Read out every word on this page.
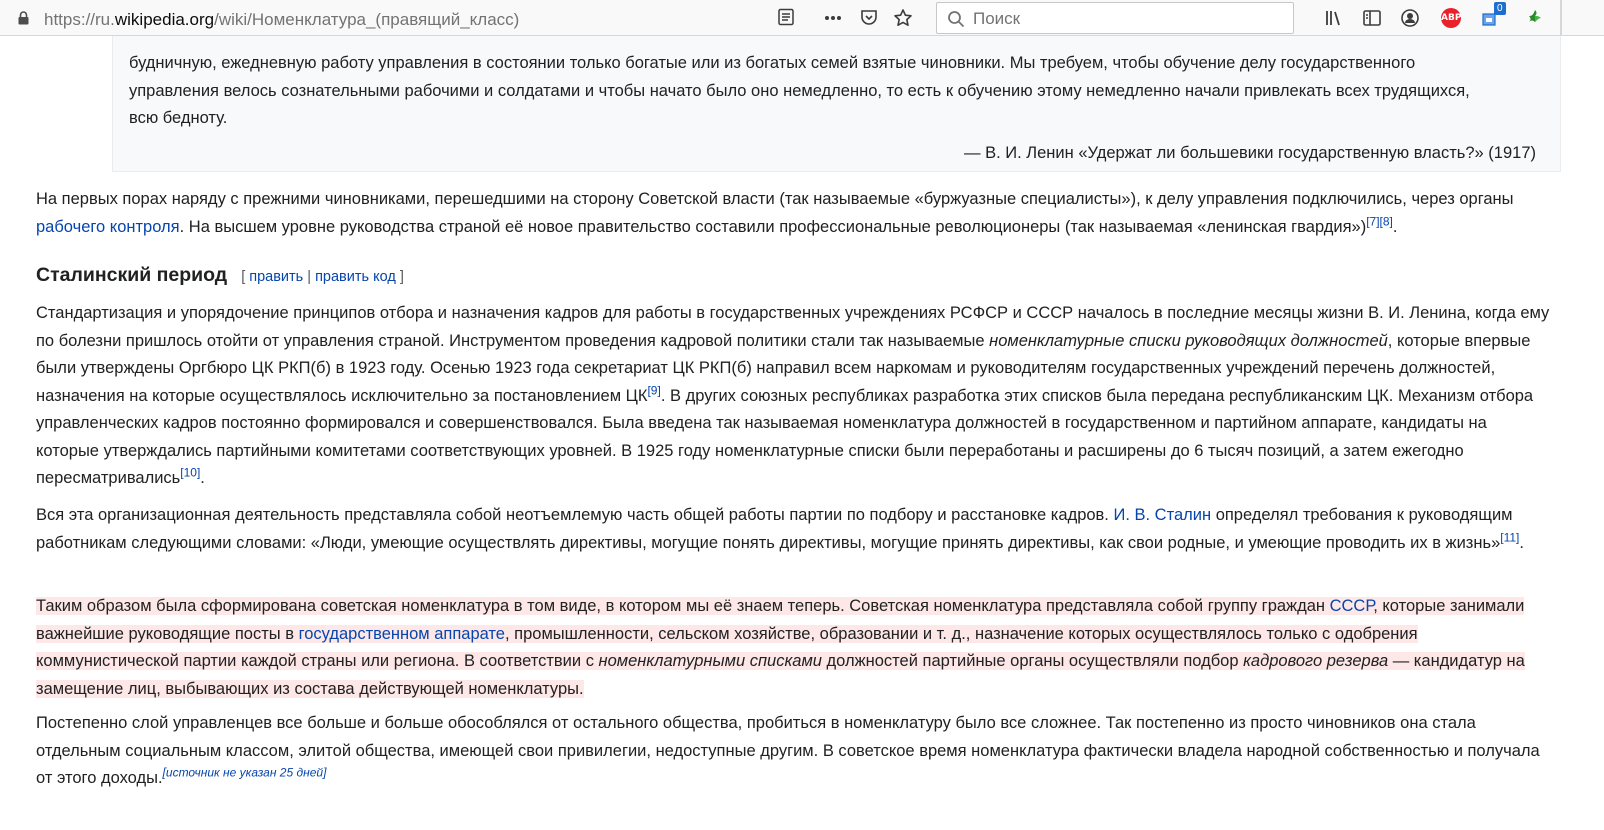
https://ru.wikipedia.org/wiki/Номенклатура_(правящий_класс)	Поиск	ABP
0
будничную, ежедневную работу управления в состоянии только богатые или из богатых семей взятые чиновники. Мы требуем, чтобы обучение делу государственного
управления велось сознательными рабочими и солдатами и чтобы начато было оно немедленно, то есть к обучению этому немедленно начали привлекать всех трудящихся,
всю бедноту.
— В. И. Ленин «Удержат ли большевики государственную власть?» (1917)
На первых порах наряду с прежними чиновниками, перешедшими на сторону Советской власти (так называемые «буржуазные специалисты»), к делу управления подключились, через органы рабочего контроля. На высшем уровне руководства страной её новое правительство составили профессиональные революционеры (так называемая «ленинская гвардия»)[7][8].
Сталинский период [ править | править код ]
Стандартизация и упорядочение принципов отбора и назначения кадров для работы в государственных учреждениях РСФСР и СССР началось в последние месяцы жизни В. И. Ленина, когда ему по болезни пришлось отойти от управления страной. Инструментом проведения кадровой политики стали так называемые номенклатурные списки руководящих должностей, которые впервые были утверждены Оргбюро ЦК РКП(б) в 1923 году. Осенью 1923 года секретариат ЦК РКП(б) направил всем наркомам и руководителям государственных учреждений перечень должностей, назначения на которые осуществлялось исключительно за постановлением ЦК[9]. В других союзных республиках разработка этих списков была передана республиканским ЦК. Механизм отбора управленческих кадров постоянно формировался и совершенствовался. Была введена так называемая номенклатура должностей в государственном и партийном аппарате, кандидаты на которые утверждались партийными комитетами соответствующих уровней. В 1925 году номенклатурные списки были переработаны и расширены до 6 тысяч позиций, а затем ежегодно пересматривались[10].
Вся эта организационная деятельность представляла собой неотъемлемую часть общей работы партии по подбору и расстановке кадров. И. В. Сталин определял требования к руководящим работникам следующими словами: «Люди, умеющие осуществлять директивы, могущие понять директивы, могущие принять директивы, как свои родные, и умеющие проводить их в жизнь»[11].
Таким образом была сформирована советская номенклатура в том виде, в котором мы её знаем теперь. Советская номенклатура представляла собой группу граждан СССР, которые занимали важнейшие руководящие посты в государственном аппарате, промышленности, сельском хозяйстве, образовании и т. д., назначение которых осуществлялось только с одобрения коммунистической партии каждой страны или региона. В соответствии с номенклатурными списками должностей партийные органы осуществляли подбор кадрового резерва — кандидатур на замещение лиц, выбывающих из состава действующей номенклатуры.
Постепенно слой управленцев все больше и больше обособлялся от остального общества, пробиться в номенклатуру было все сложнее. Так постепенно из просто чиновников она стала отдельным социальным классом, элитой общества, имеющей свои привилегии, недоступные другим. В советское время номенклатура фактически владела народной собственностью и получала от этого доходы.[источник не указан 25 дней]
